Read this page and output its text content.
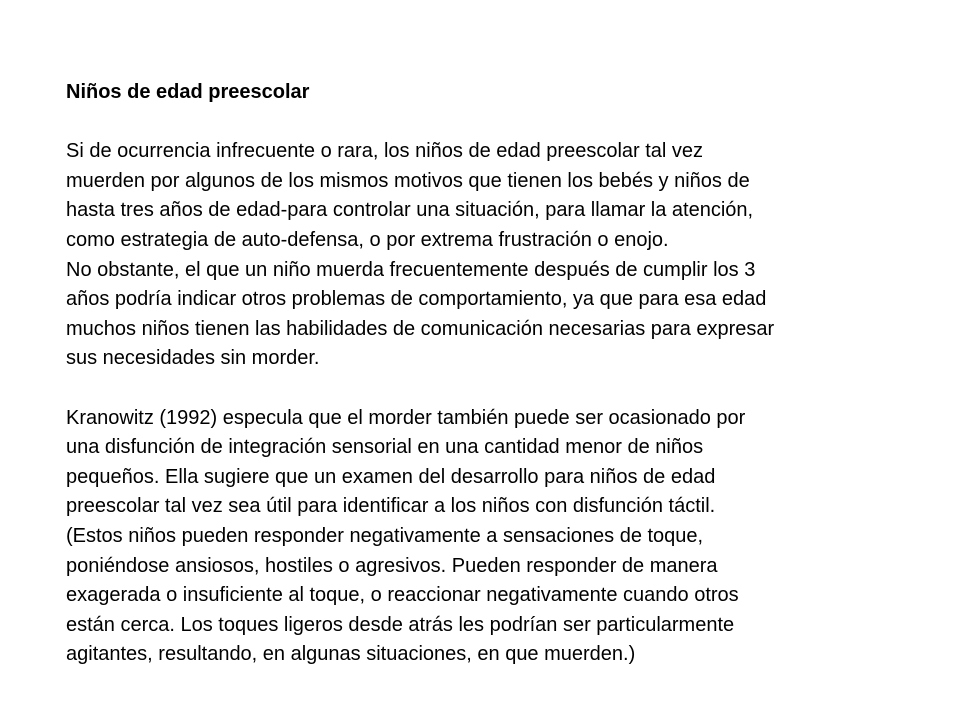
Niños de edad preescolar
Si de ocurrencia infrecuente o rara, los niños de edad preescolar tal vez
muerden por algunos de los mismos motivos que tienen los bebés y niños de
hasta tres años de edad-para controlar una situación, para llamar la atención,
como estrategia de auto-defensa, o por extrema frustración o enojo.
No obstante, el que un niño muerda frecuentemente después de cumplir los 3
años podría indicar otros problemas de comportamiento, ya que para esa edad
muchos niños tienen las habilidades de comunicación necesarias para expresar
sus necesidades sin morder.
Kranowitz (1992) especula que el morder también puede ser ocasionado por
una disfunción de integración sensorial en una cantidad menor de niños
pequeños. Ella sugiere que un examen del desarrollo para niños de edad
preescolar tal vez sea útil para identificar a los niños con disfunción táctil.
(Estos niños pueden responder negativamente a sensaciones de toque,
poniéndose ansiosos, hostiles o agresivos. Pueden responder de manera
exagerada o insuficiente al toque, o reaccionar negativamente cuando otros
están cerca. Los toques ligeros desde atrás les podrían ser particularmente
agitantes, resultando, en algunas situaciones, en que muerden.)
